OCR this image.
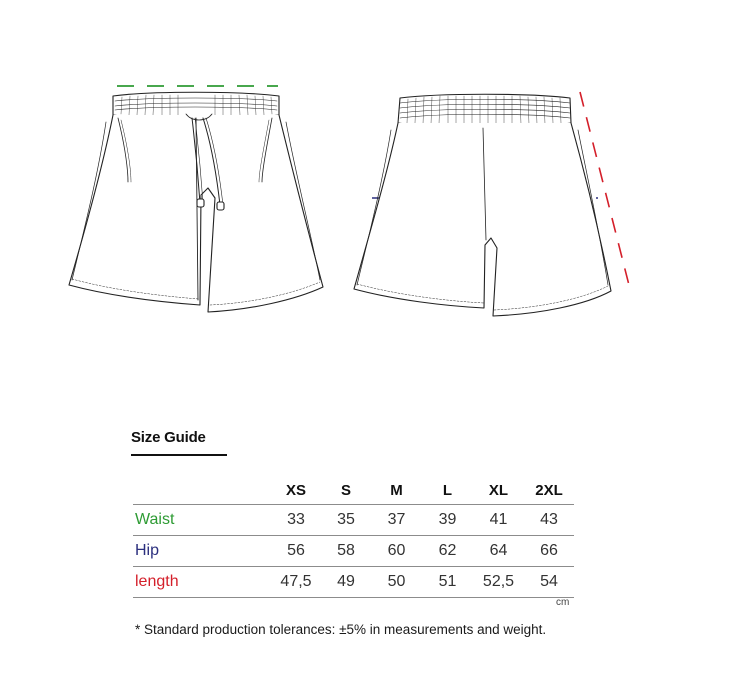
Size Guide
	XS	S	M	L	XL	2XL
Waist	33	35	37	39	41	43
Hip	56	58	60	62	64	66
length	47,5	49	50	51	52,5	54
cm
* Standard production tolerances: ±5% in measurements and weight.
